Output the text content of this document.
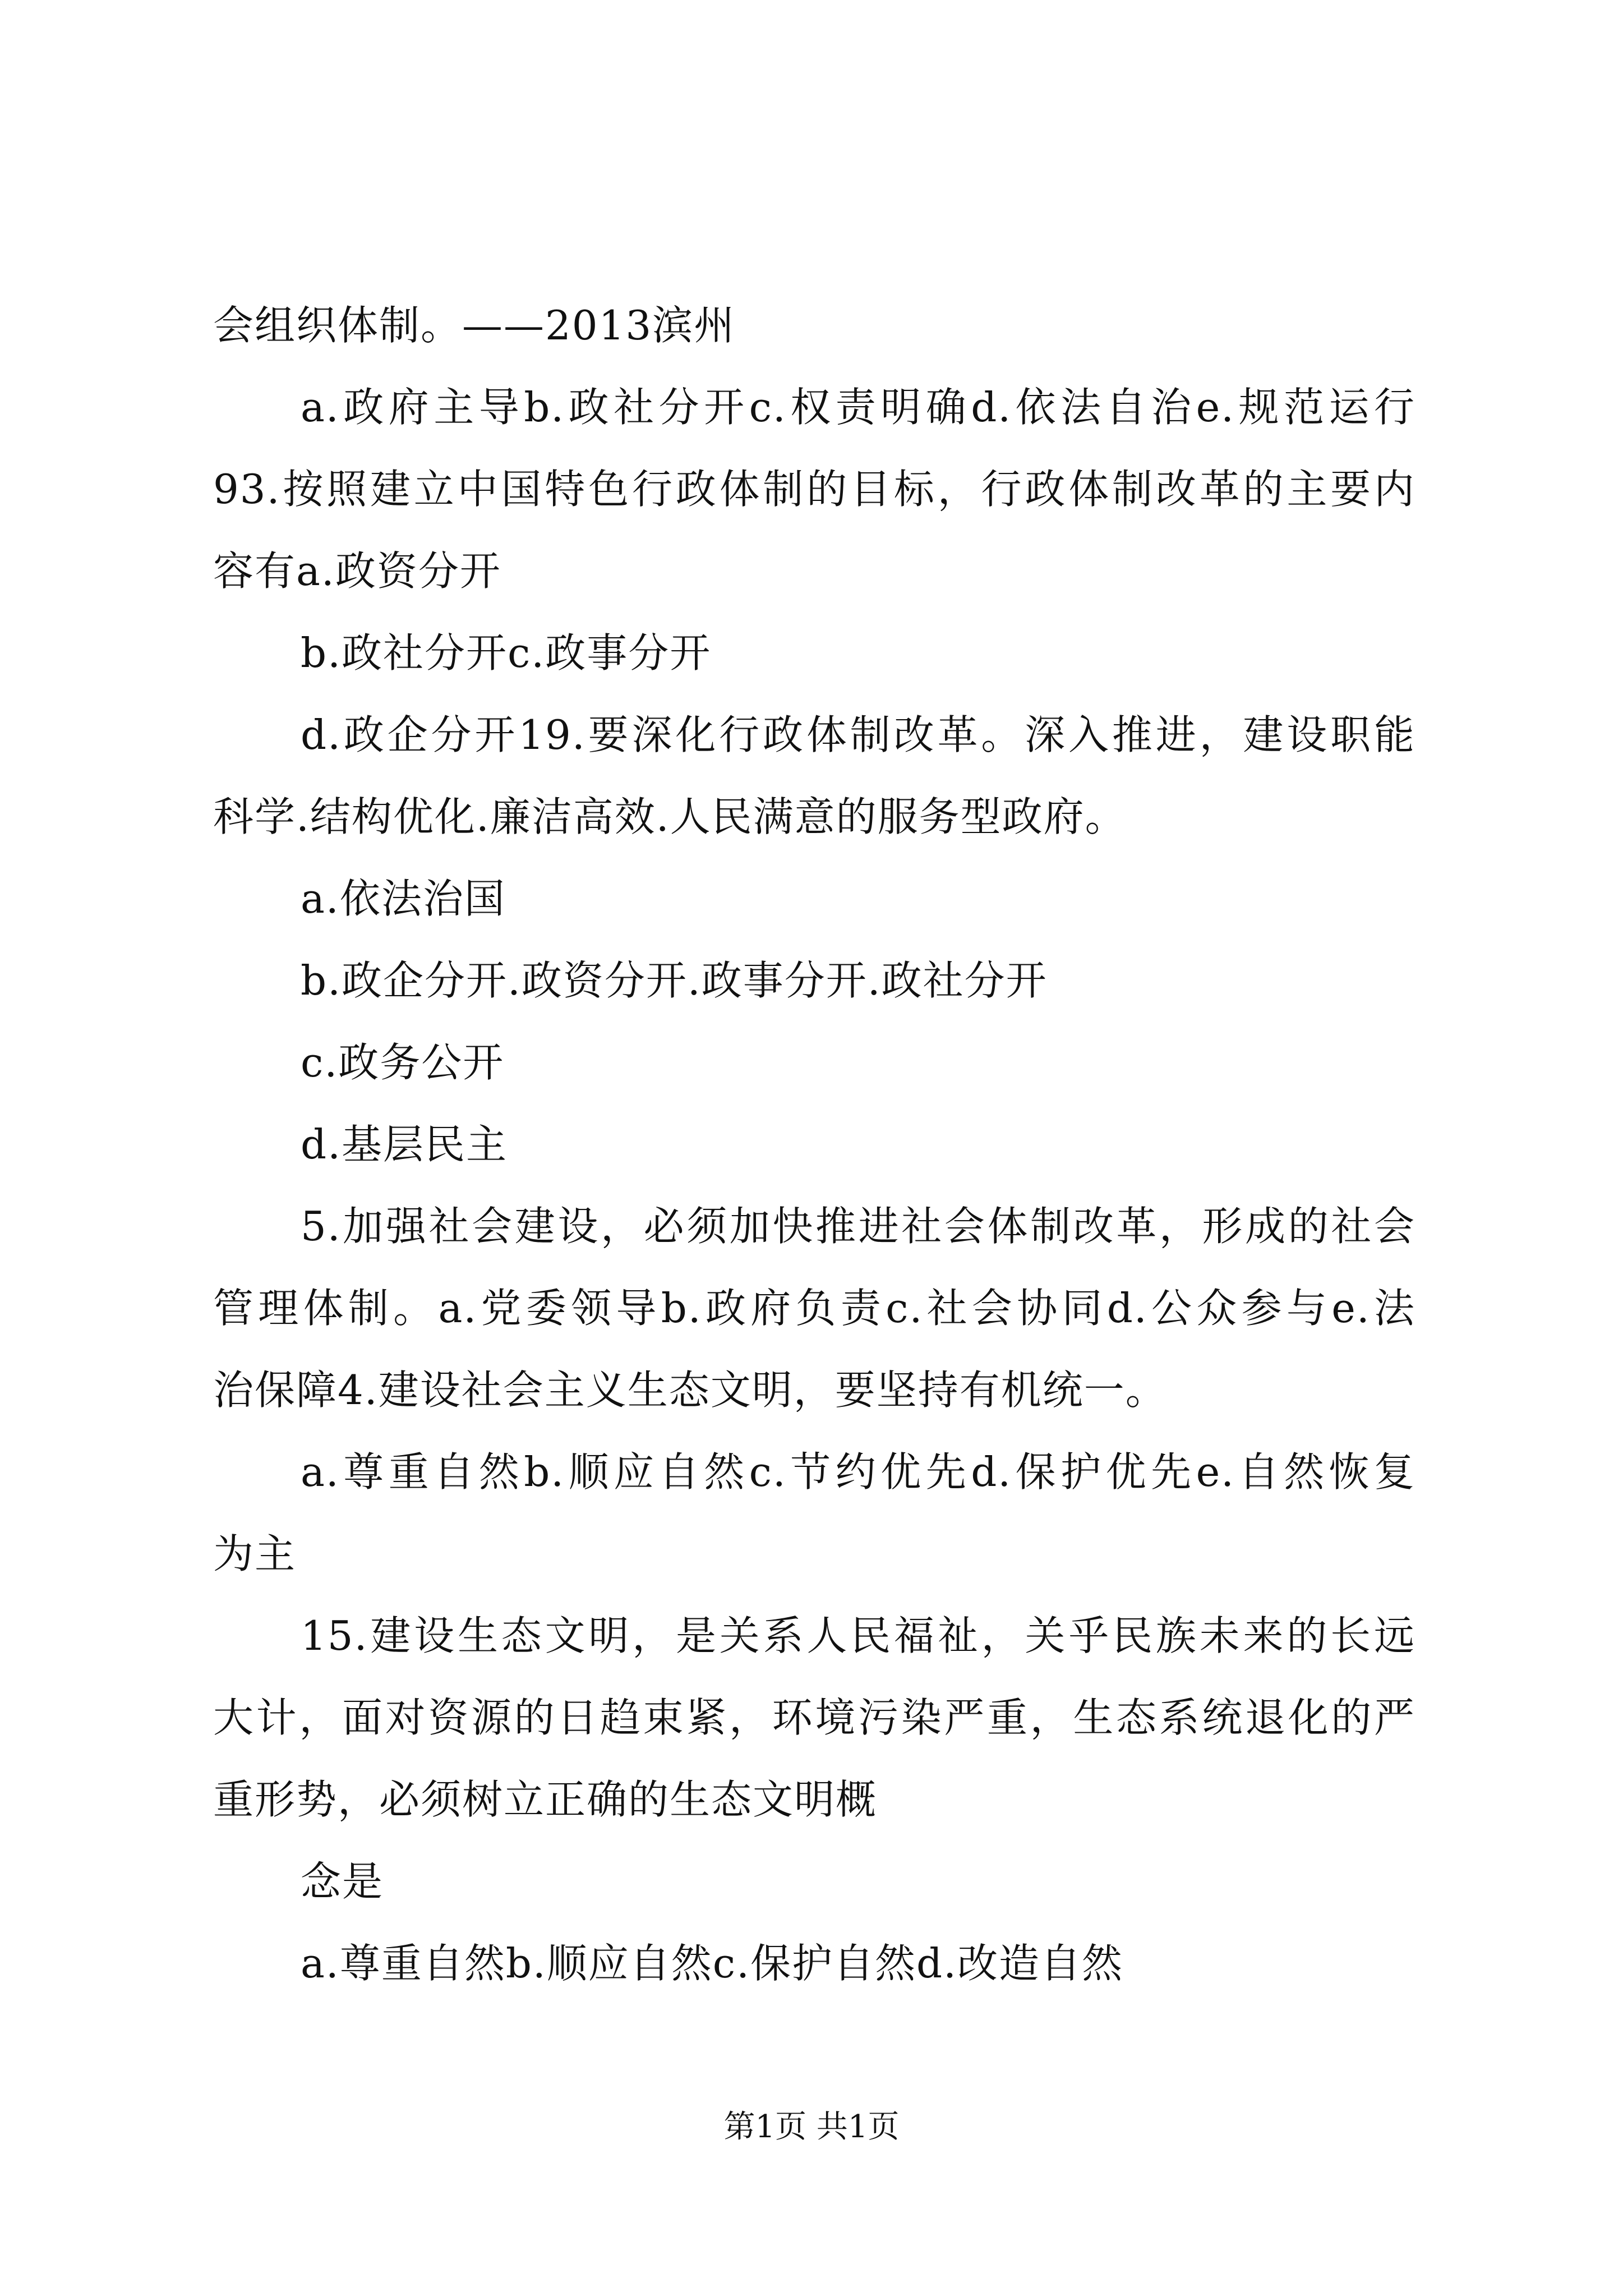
会组织体制。——2013滨州
a.政府主导b.政社分开c.权责明确d.依法自治e.规范运行
93.按照建立中国特色行政体制的目标，行政体制改革的主要内
容有a.政资分开
b.政社分开c.政事分开
d.政企分开19.要深化行政体制改革。深入推进，建设职能
科学.结构优化.廉洁高效.人民满意的服务型政府。
a.依法治国
b.政企分开.政资分开.政事分开.政社分开
c.政务公开
d.基层民主
5.加强社会建设，必须加快推进社会体制改革，形成的社会
管理体制。a.党委领导b.政府负责c.社会协同d.公众参与e.法
治保障4.建设社会主义生态文明，要坚持有机统一。
a.尊重自然b.顺应自然c.节约优先d.保护优先e.自然恢复
为主
15.建设生态文明，是关系人民福祉，关乎民族未来的长远
大计，面对资源的日趋束紧，环境污染严重，生态系统退化的严
重形势，必须树立正确的生态文明概
念是
a.尊重自然b.顺应自然c.保护自然d.改造自然
第1页 共1页
